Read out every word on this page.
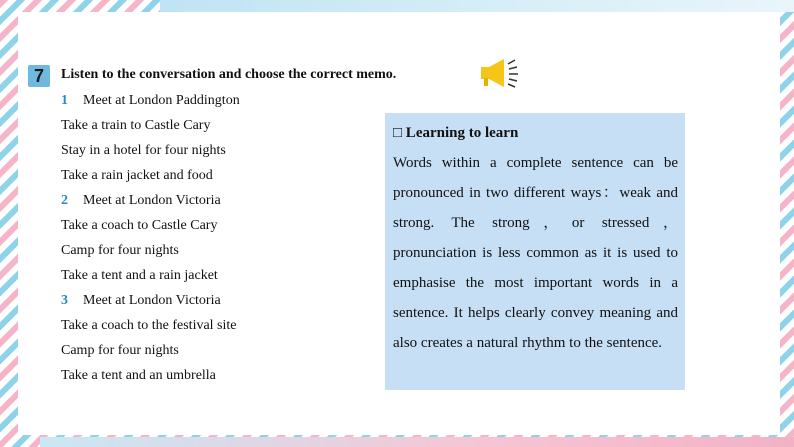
7	Listen to the conversation and choose the correct memo.
1 Meet at London Paddington
Take a train to Castle Cary
Stay in a hotel for four nights
Take a rain jacket and food
2 Meet at London Victoria
Take a coach to Castle Cary
Camp for four nights
Take a tent and a rain jacket
3 Meet at London Victoria
Take a coach to the festival site
Camp for four nights
Take a tent and an umbrella
□ Learning to learn
Words within a complete sentence can be pronounced in two different ways：weak and strong. The strong，or stressed，pronunciation is less common as it is used to emphasise the most important words in a sentence. It helps clearly convey meaning and also creates a natural rhythm to the sentence.
